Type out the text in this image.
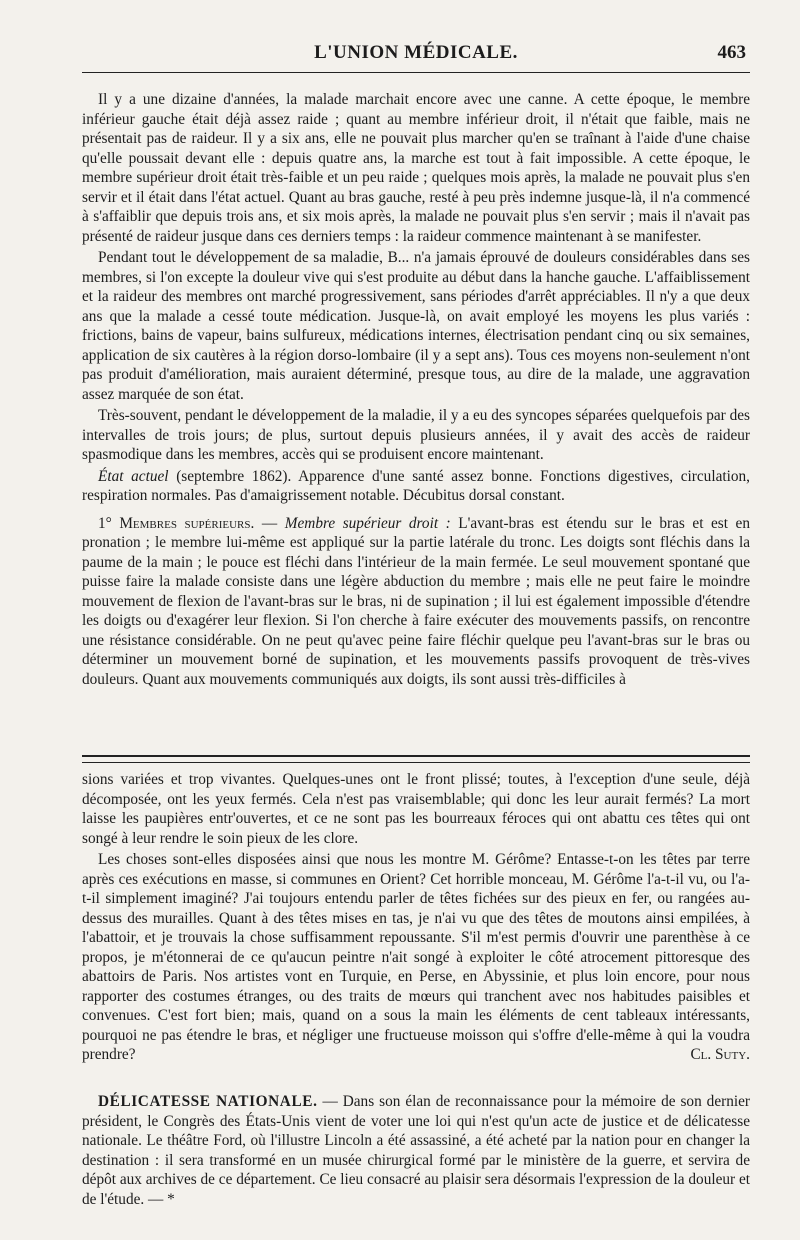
L'UNION MÉDICALE.	463

Il y a une dizaine d'années, la malade marchait encore avec une canne. A cette époque, le membre inférieur gauche était déjà assez raide ; quant au membre inférieur droit, il n'était que faible, mais ne présentait pas de raideur. Il y a six ans, elle ne pouvait plus marcher qu'en se traînant à l'aide d'une chaise qu'elle poussait devant elle : depuis quatre ans, la marche est tout à fait impossible. A cette époque, le membre supérieur droit était très-faible et un peu raide ; quelques mois après, la malade ne pouvait plus s'en servir et il était dans l'état actuel. Quant au bras gauche, resté à peu près indemne jusque-là, il n'a commencé à s'affaiblir que depuis trois ans, et six mois après, la malade ne pouvait plus s'en servir ; mais il n'avait pas présenté de raideur jusque dans ces derniers temps : la raideur commence maintenant à se manifester.

Pendant tout le développement de sa maladie, B... n'a jamais éprouvé de douleurs considérables dans ses membres, si l'on excepte la douleur vive qui s'est produite au début dans la hanche gauche. L'affaiblissement et la raideur des membres ont marché progressivement, sans périodes d'arrêt appréciables. Il n'y a que deux ans que la malade a cessé toute médication. Jusque-là, on avait employé les moyens les plus variés : frictions, bains de vapeur, bains sulfureux, médications internes, électrisation pendant cinq ou six semaines, application de six cautères à la région dorso-lombaire (il y a sept ans). Tous ces moyens non-seulement n'ont pas produit d'amélioration, mais auraient déterminé, presque tous, au dire de la malade, une aggravation assez marquée de son état.

Très-souvent, pendant le développement de la maladie, il y a eu des syncopes séparées quelquefois par des intervalles de trois jours; de plus, surtout depuis plusieurs années, il y avait des accès de raideur spasmodique dans les membres, accès qui se produisent encore maintenant.

État actuel (septembre 1862). Apparence d'une santé assez bonne. Fonctions digestives, circulation, respiration normales. Pas d'amaigrissement notable. Décubitus dorsal constant.

1° Membres supérieurs. — Membre supérieur droit : L'avant-bras est étendu sur le bras et est en pronation ; le membre lui-même est appliqué sur la partie latérale du tronc. Les doigts sont fléchis dans la paume de la main ; le pouce est fléchi dans l'intérieur de la main fermée. Le seul mouvement spontané que puisse faire la malade consiste dans une légère abduction du membre ; mais elle ne peut faire le moindre mouvement de flexion de l'avant-bras sur le bras, ni de supination ; il lui est également impossible d'étendre les doigts ou d'exagérer leur flexion. Si l'on cherche à faire exécuter des mouvements passifs, on rencontre une résistance considérable. On ne peut qu'avec peine faire fléchir quelque peu l'avant-bras sur le bras ou déterminer un mouvement borné de supination, et les mouvements passifs provoquent de très-vives douleurs. Quant aux mouvements communiqués aux doigts, ils sont aussi très-difficiles à

sions variées et trop vivantes. Quelques-unes ont le front plissé; toutes, à l'exception d'une seule, déjà décomposée, ont les yeux fermés. Cela n'est pas vraisemblable; qui donc les leur aurait fermés? La mort laisse les paupières entr'ouvertes, et ce ne sont pas les bourreaux féroces qui ont abattu ces têtes qui ont songé à leur rendre le soin pieux de les clore.

Les choses sont-elles disposées ainsi que nous les montre M. Gérôme? Entasse-t-on les têtes par terre après ces exécutions en masse, si communes en Orient? Cet horrible monceau, M. Gérôme l'a-t-il vu, ou l'a-t-il simplement imaginé? J'ai toujours entendu parler de têtes fichées sur des pieux en fer, ou rangées au-dessus des murailles. Quant à des têtes mises en tas, je n'ai vu que des têtes de moutons ainsi empilées, à l'abattoir, et je trouvais la chose suffisamment repoussante. S'il m'est permis d'ouvrir une parenthèse à ce propos, je m'étonnerai de ce qu'aucun peintre n'ait songé à exploiter le côté atrocement pittoresque des abattoirs de Paris. Nos artistes vont en Turquie, en Perse, en Abyssinie, et plus loin encore, pour nous rapporter des costumes étranges, ou des traits de mœurs qui tranchent avec nos habitudes paisibles et convenues. C'est fort bien; mais, quand on a sous la main les éléments de cent tableaux intéressants, pourquoi ne pas étendre le bras, et négliger une fructueuse moisson qui s'offre d'elle-même à qui la voudra prendre?	Cl. Suty.

DÉLICATESSE NATIONALE. — Dans son élan de reconnaissance pour la mémoire de son dernier président, le Congrès des États-Unis vient de voter une loi qui n'est qu'un acte de justice et de délicatesse nationale. Le théâtre Ford, où l'illustre Lincoln a été assassiné, a été acheté par la nation pour en changer la destination : il sera transformé en un musée chirurgical formé par le ministère de la guerre, et servira de dépôt aux archives de ce département. Ce lieu consacré au plaisir sera désormais l'expression de la douleur et de l'étude. — *
